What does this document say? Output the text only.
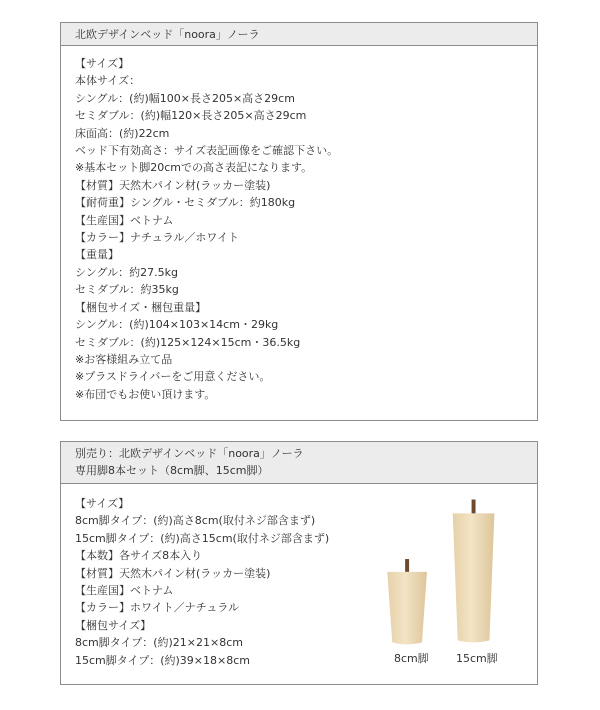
北欧デザインベッド「noora」ノーラ
【サイズ】
本体サイズ：
シングル：(約)幅100×長さ205×高さ29cm
セミダブル：(約)幅120×長さ205×高さ29cm
床面高：(約)22cm
ベッド下有効高さ：サイズ表記画像をご確認下さい。
※基本セット脚20cmでの高さ表記になります。
【材質】天然木パイン材(ラッカー塗装)
【耐荷重】シングル・セミダブル：約180kg
【生産国】ベトナム
【カラー】ナチュラル／ホワイト
【重量】
シングル：約27.5kg
セミダブル：約35kg
【梱包サイズ・梱包重量】
シングル：(約)104×103×14cm・29kg
セミダブル：(約)125×124×15cm・36.5kg
※お客様組み立て品
※プラスドライバーをご用意ください。
※布団でもお使い頂けます。
別売り：北欧デザインベッド「noora」ノーラ
専用脚8本セット（8cm脚、15cm脚）
【サイズ】
8cm脚タイプ：(約)高さ8cm(取付ネジ部含まず)
15cm脚タイプ：(約)高さ15cm(取付ネジ部含まず)
【本数】各サイズ8本入り
【材質】天然木パイン材(ラッカー塗装)
【生産国】ベトナム
【カラー】ホワイト／ナチュラル
【梱包サイズ】
8cm脚タイプ：(約)21×21×8cm
15cm脚タイプ：(約)39×18×8cm	8cm脚 15cm脚
